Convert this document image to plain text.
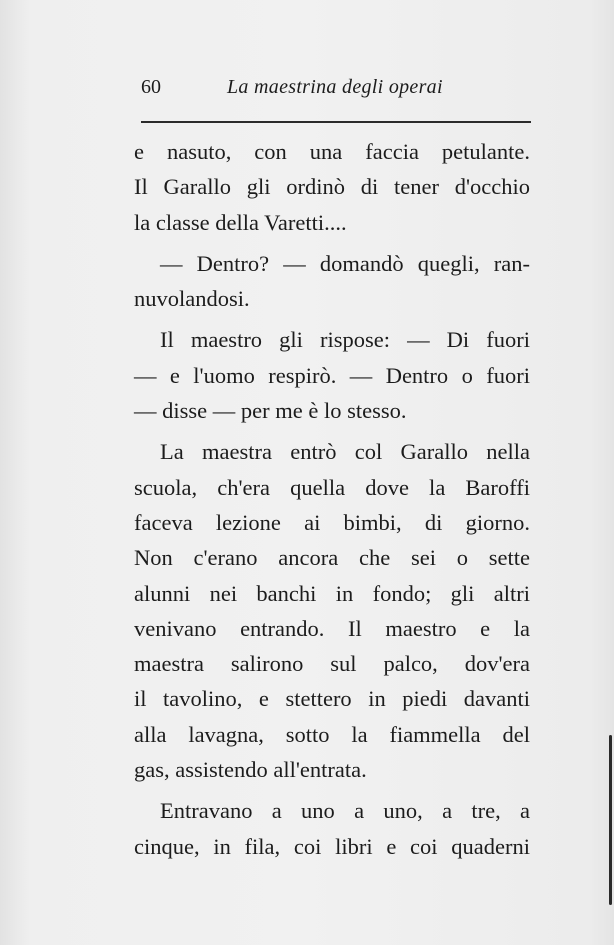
60	La maestrina degli operai
e nasuto, con una faccia petulante.
Il Garallo gli ordinò di tener d'occhio
la classe della Varetti....
— Dentro? — domandò quegli, ran-
nuvolandosi.
Il maestro gli rispose: — Di fuori
— e l'uomo respirò. — Dentro o fuori
— disse — per me è lo stesso.
La maestra entrò col Garallo nella
scuola, ch'era quella dove la Baroffi
faceva lezione ai bimbi, di giorno.
Non c'erano ancora che sei o sette
alunni nei banchi in fondo; gli altri
venivano entrando. Il maestro e la
maestra salirono sul palco, dov'era
il tavolino, e stettero in piedi davanti
alla lavagna, sotto la fiammella del
gas, assistendo all'entrata.
Entravano a uno a uno, a tre, a
cinque, in fila, coi libri e coi quaderni
